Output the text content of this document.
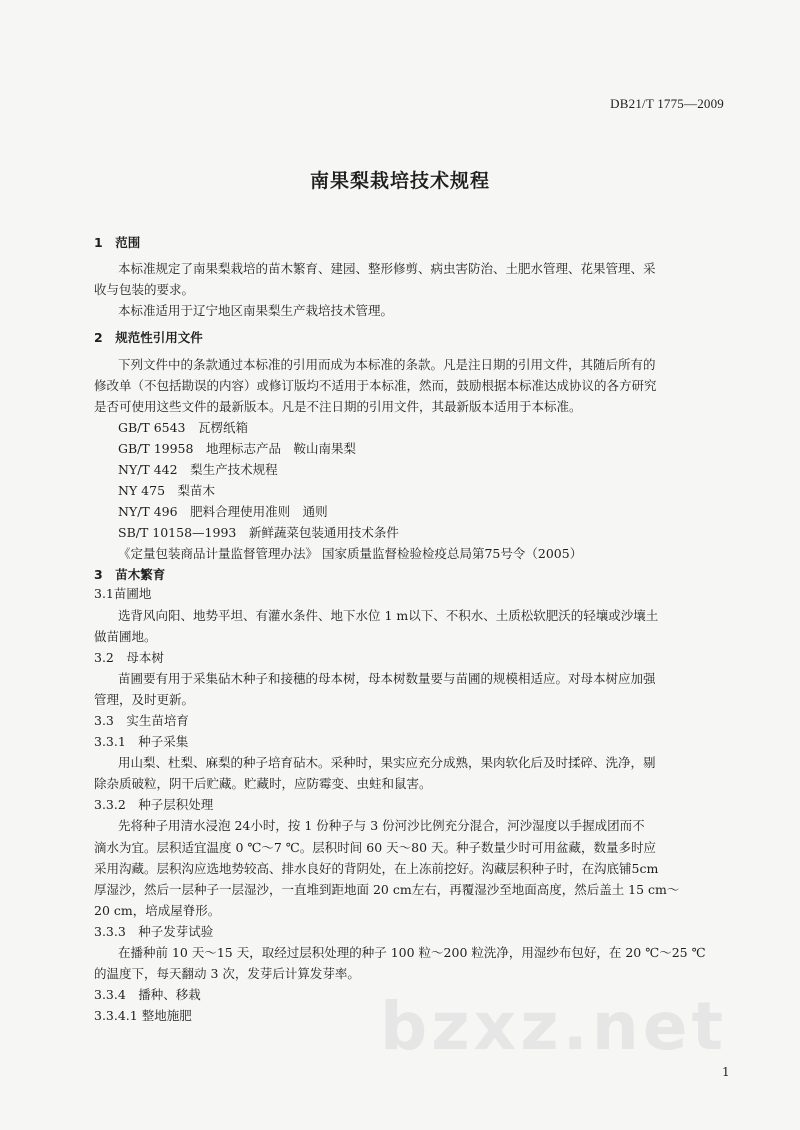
DB21/T 1775—2009
南果梨栽培技术规程
1　范围
本标准规定了南果梨栽培的苗木繁育、建园、整形修剪、病虫害防治、土肥水管理、花果管理、采
收与包装的要求。
本标准适用于辽宁地区南果梨生产栽培技术管理。
2　规范性引用文件
下列文件中的条款通过本标准的引用而成为本标准的条款。凡是注日期的引用文件，其随后所有的
修改单（不包括勘误的内容）或修订版均不适用于本标准，然而，鼓励根据本标准达成协议的各方研究
是否可使用这些文件的最新版本。凡是不注日期的引用文件，其最新版本适用于本标准。
GB/T 6543　瓦楞纸箱
GB/T 19958　地理标志产品　鞍山南果梨
NY/T 442　梨生产技术规程
NY 475　梨苗木
NY/T 496　肥料合理使用准则　通则
SB/T 10158—1993　新鲜蔬菜包装通用技术条件
《定量包装商品计量监督管理办法》 国家质量监督检验检疫总局第75号令（2005）
3　苗木繁育
3.1苗圃地
选背风向阳、地势平坦、有灌水条件、地下水位 1 m以下、不积水、土质松软肥沃的轻壤或沙壤土
做苗圃地。
3.2　母本树
苗圃要有用于采集砧木种子和接穗的母本树，母本树数量要与苗圃的规模相适应。对母本树应加强
管理，及时更新。
3.3　实生苗培育
3.3.1　种子采集
用山梨、杜梨、麻梨的种子培育砧木。采种时，果实应充分成熟，果肉软化后及时揉碎、洗净，剔
除杂质破粒，阴干后贮藏。贮藏时，应防霉变、虫蛀和鼠害。
3.3.2　种子层积处理
先将种子用清水浸泡 24小时，按 1 份种子与 3 份河沙比例充分混合，河沙湿度以手握成团而不
滴水为宜。层积适宜温度 0 ℃～7 ℃。层积时间 60 天～80 天。种子数量少时可用盆藏，数量多时应
采用沟藏。层积沟应选地势较高、排水良好的背阴处，在上冻前挖好。沟藏层积种子时，在沟底铺5cm
厚湿沙，然后一层种子一层湿沙，一直堆到距地面 20 cm左右，再覆湿沙至地面高度，然后盖土 15 cm～
20 cm，培成屋脊形。
3.3.3　种子发芽试验
在播种前 10 天～15 天，取经过层积处理的种子 100 粒～200 粒洗净，用湿纱布包好，在 20 ℃～25 ℃
的温度下，每天翻动 3 次，发芽后计算发芽率。
3.3.4　播种、移栽
3.3.4.1 整地施肥	bzxz.net
1
